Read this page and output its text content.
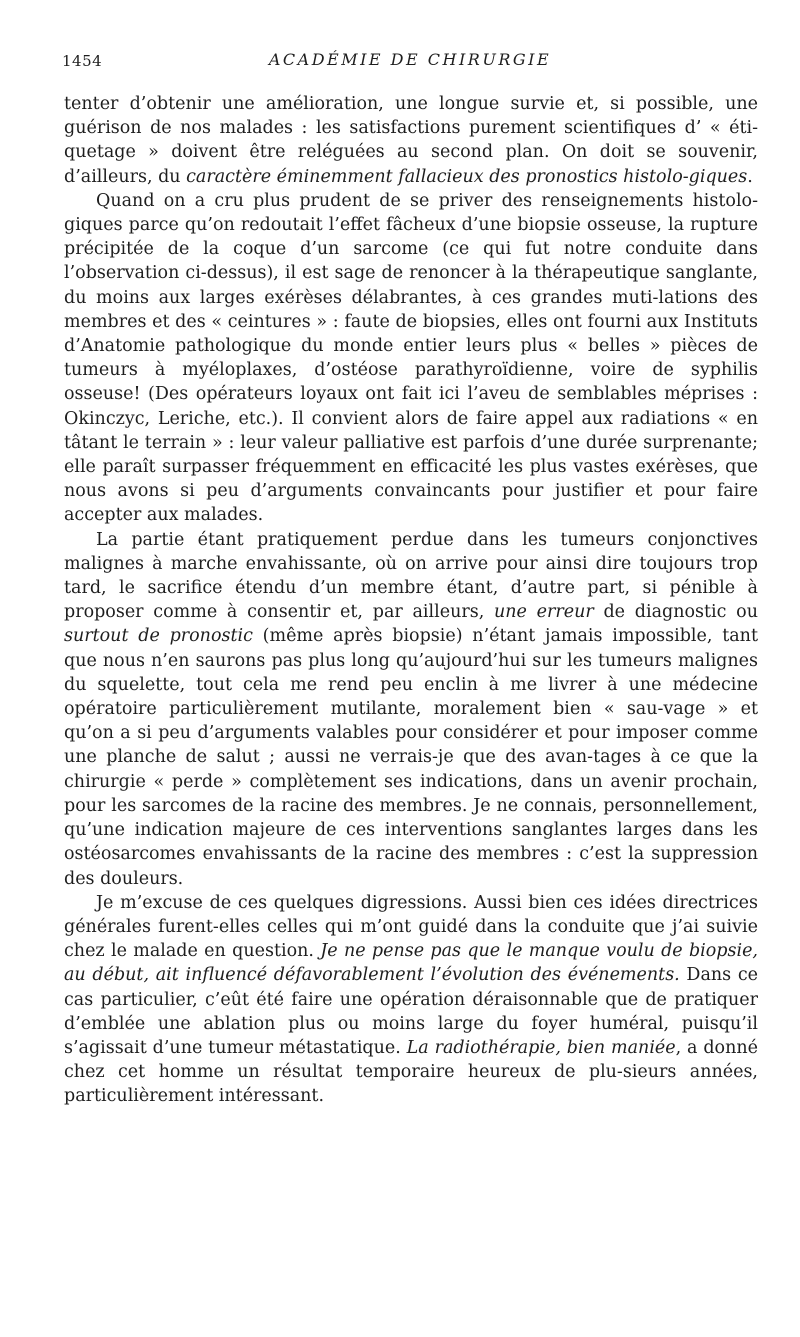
1454	ACADÉMIE DE CHIRURGIE

tenter d’obtenir une amélioration, une longue survie et, si possible, une guérison de nos malades : les satisfactions purement scientifiques d’ « éti-quetage » doivent être reléguées au second plan. On doit se souvenir, d’ailleurs, du caractère éminemment fallacieux des pronostics histolo-giques.

Quand on a cru plus prudent de se priver des renseignements histolo-giques parce qu’on redoutait l’effet fâcheux d’une biopsie osseuse, la rupture précipitée de la coque d’un sarcome (ce qui fut notre conduite dans l’observation ci-dessus), il est sage de renoncer à la thérapeutique sanglante, du moins aux larges exérèses délabrantes, à ces grandes muti-lations des membres et des « ceintures » : faute de biopsies, elles ont fourni aux Instituts d’Anatomie pathologique du monde entier leurs plus « belles » pièces de tumeurs à myéloplaxes, d’ostéose parathyroïdienne, voire de syphilis osseuse! (Des opérateurs loyaux ont fait ici l’aveu de semblables méprises : Okinczyc, Leriche, etc.). Il convient alors de faire appel aux radiations « en tâtant le terrain » : leur valeur palliative est parfois d’une durée surprenante; elle paraît surpasser fréquemment en efficacité les plus vastes exérèses, que nous avons si peu d’arguments convaincants pour justifier et pour faire accepter aux malades.

La partie étant pratiquement perdue dans les tumeurs conjonctives malignes à marche envahissante, où on arrive pour ainsi dire toujours trop tard, le sacrifice étendu d’un membre étant, d’autre part, si pénible à proposer comme à consentir et, par ailleurs, une erreur de diagnostic ou surtout de pronostic (même après biopsie) n’étant jamais impossible, tant que nous n’en saurons pas plus long qu’aujourd’hui sur les tumeurs malignes du squelette, tout cela me rend peu enclin à me livrer à une médecine opératoire particulièrement mutilante, moralement bien « sau-vage » et qu’on a si peu d’arguments valables pour considérer et pour imposer comme une planche de salut ; aussi ne verrais-je que des avan-tages à ce que la chirurgie « perde » complètement ses indications, dans un avenir prochain, pour les sarcomes de la racine des membres. Je ne connais, personnellement, qu’une indication majeure de ces interventions sanglantes larges dans les ostéosarcomes envahissants de la racine des membres : c’est la suppression des douleurs.

Je m’excuse de ces quelques digressions. Aussi bien ces idées directrices générales furent-elles celles qui m’ont guidé dans la conduite que j’ai suivie chez le malade en question. Je ne pense pas que le manque voulu de biopsie, au début, ait influencé défavorablement l’évolution des événements. Dans ce cas particulier, c’eût été faire une opération déraisonnable que de pratiquer d’emblée une ablation plus ou moins large du foyer huméral, puisqu’il s’agissait d’une tumeur métastatique. La radiothérapie, bien maniée, a donné chez cet homme un résultat temporaire heureux de plu-sieurs années, particulièrement intéressant.
